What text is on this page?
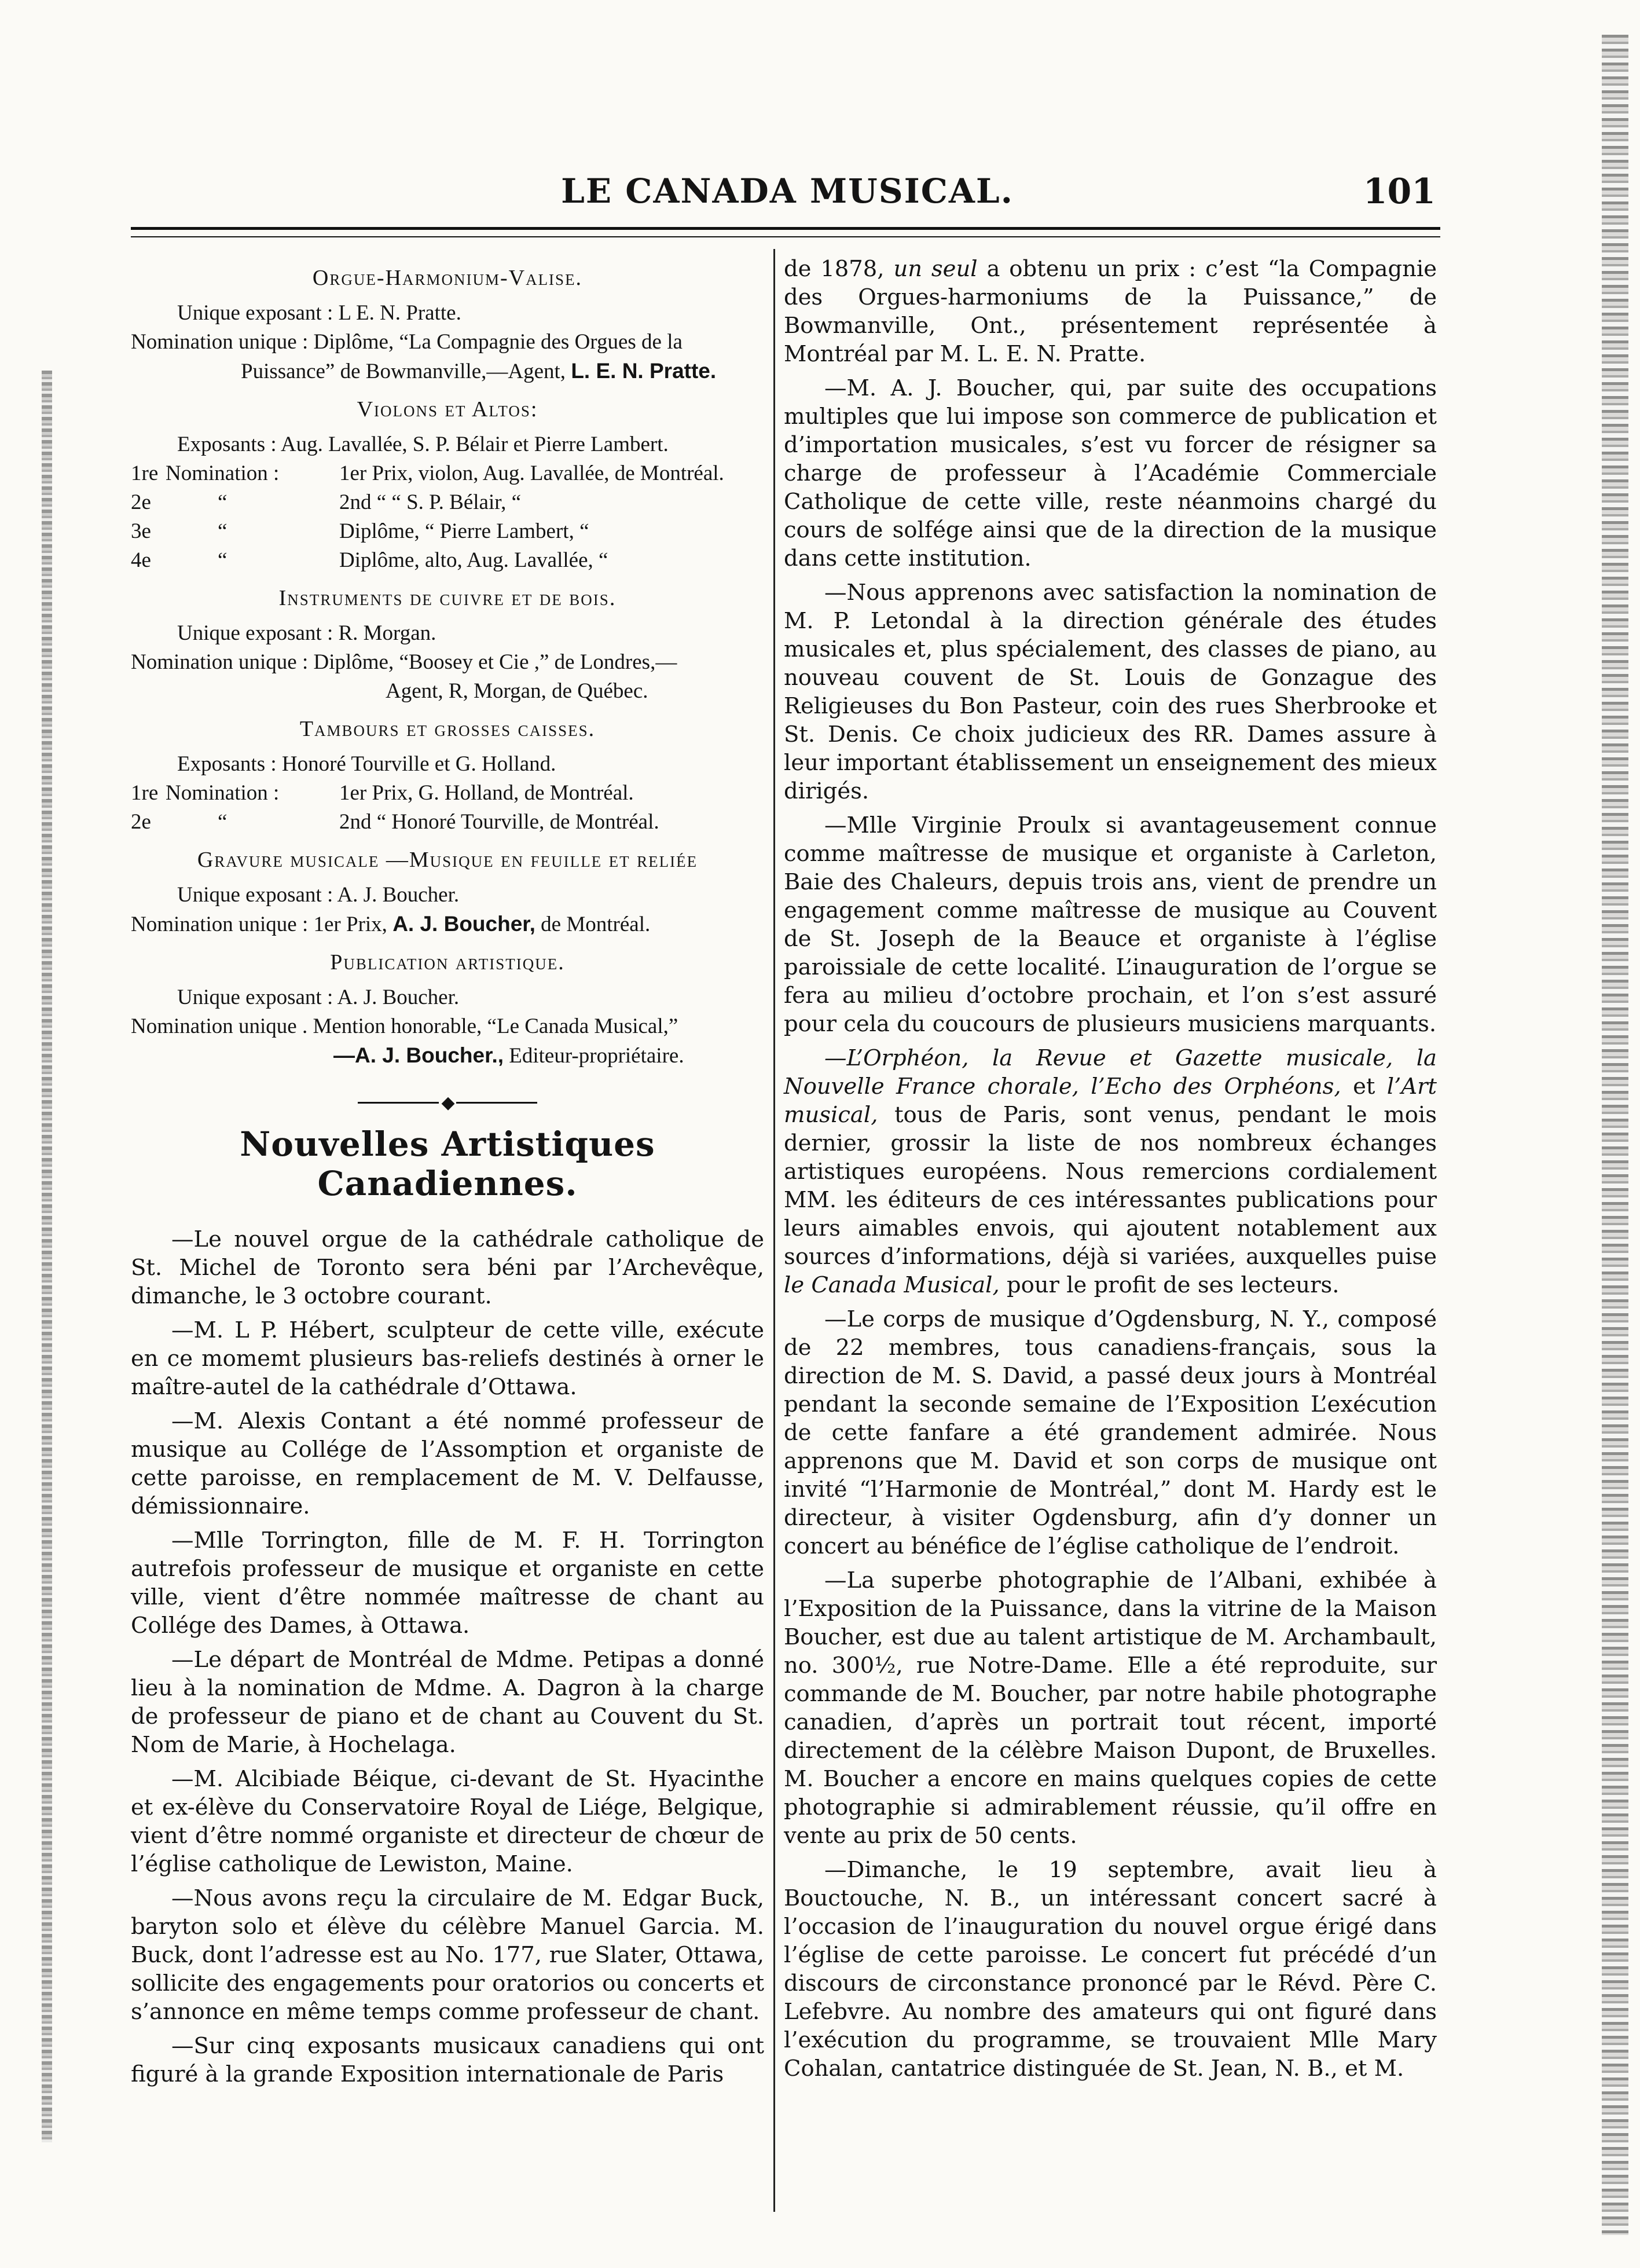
LE CANADA MUSICAL.	101
Orgue-Harmonium-Valise.
Unique exposant : L E. N. Pratte.
Nomination unique : Diplôme, “La Compagnie des Orgues de la
Puissance” de Bowmanville,—Agent, L. E. N. Pratte.
Violons et Altos:
Exposants : Aug. Lavallée, S. P. Bélair et Pierre Lambert.
1re Nomination :	1er Prix, violon, Aug. Lavallée, de Montréal.
2e	“	2nd “ “ S. P. Bélair, “
3e	“	Diplôme, “ Pierre Lambert, “
4e	“	Diplôme, alto, Aug. Lavallée, “
Instruments de cuivre et de bois.
Unique exposant : R. Morgan.
Nomination unique : Diplôme, “Boosey et Cie ,” de Londres,—
Agent, R, Morgan, de Québec.
Tambours et grosses caisses.
Exposants : Honoré Tourville et G. Holland.
1re Nomination :	1er Prix, G. Holland, de Montréal.
2e	“	2nd “ Honoré Tourville, de Montréal.
Gravure musicale —Musique en feuille et reliée
Unique exposant : A. J. Boucher.
Nomination unique : 1er Prix, A. J. Boucher, de Montréal.
Publication artistique.
Unique exposant : A. J. Boucher.
Nomination unique . Mention honorable, “Le Canada Musical,”
—A. J. Boucher., Editeur-propriétaire.
◆
Nouvelles Artistiques Canadiennes.

—Le nouvel orgue de la cathédrale catholique de St. Michel de Toronto sera béni par l’Archevêque, dimanche, le 3 octobre courant.

—M. L P. Hébert, sculpteur de cette ville, exécute en ce momemt plusieurs bas-reliefs destinés à orner le maître-autel de la cathédrale d’Ottawa.

—M. Alexis Contant a été nommé professeur de musique au Collége de l’Assomption et organiste de cette paroisse, en remplacement de M. V. Delfausse, démissionnaire.

—Mlle Torrington, fille de M. F. H. Torrington autrefois professeur de musique et organiste en cette ville, vient d’être nommée maîtresse de chant au Collége des Dames, à Ottawa.

—Le départ de Montréal de Mdme. Petipas a donné lieu à la nomination de Mdme. A. Dagron à la charge de professeur de piano et de chant au Couvent du St. Nom de Marie, à Hochelaga.

—M. Alcibiade Béique, ci-devant de St. Hyacinthe et ex-élève du Conservatoire Royal de Liége, Belgique, vient d’être nommé organiste et directeur de chœur de l’église catholique de Lewiston, Maine.

—Nous avons reçu la circulaire de M. Edgar Buck, baryton solo et élève du célèbre Manuel Garcia. M. Buck, dont l’adresse est au No. 177, rue Slater, Ottawa, sollicite des engagements pour oratorios ou concerts et s’annonce en même temps comme professeur de chant.

—Sur cinq exposants musicaux canadiens qui ont figuré à la grande Exposition internationale de Paris

de 1878, un seul a obtenu un prix : c’est “la Compagnie des Orgues-harmoniums de la Puissance,” de Bowmanville, Ont., présentement représentée à Montréal par M. L. E. N. Pratte.

—M. A. J. Boucher, qui, par suite des occupations multiples que lui impose son commerce de publication et d’importation musicales, s’est vu forcer de résigner sa charge de professeur à l’Académie Commerciale Catholique de cette ville, reste néanmoins chargé du cours de solfége ainsi que de la direction de la musique dans cette institution.

—Nous apprenons avec satisfaction la nomination de M. P. Letondal à la direction générale des études musicales et, plus spécialement, des classes de piano, au nouveau couvent de St. Louis de Gonzague des Religieuses du Bon Pasteur, coin des rues Sherbrooke et St. Denis. Ce choix judicieux des RR. Dames assure à leur important établissement un enseignement des mieux dirigés.

—Mlle Virginie Proulx si avantageusement connue comme maîtresse de musique et organiste à Carleton, Baie des Chaleurs, depuis trois ans, vient de prendre un engagement comme maîtresse de musique au Couvent de St. Joseph de la Beauce et organiste à l’église paroissiale de cette localité. L’inauguration de l’orgue se fera au milieu d’octobre prochain, et l’on s’est assuré pour cela du coucours de plusieurs musiciens marquants.

—L’Orphéon, la Revue et Gazette musicale, la Nouvelle France chorale, l’Echo des Orphéons, et l’Art musical, tous de Paris, sont venus, pendant le mois dernier, grossir la liste de nos nombreux échanges artistiques européens. Nous remercions cordialement MM. les éditeurs de ces intéressantes publications pour leurs aimables envois, qui ajoutent notablement aux sources d’informations, déjà si variées, auxquelles puise le Canada Musical, pour le profit de ses lecteurs.

—Le corps de musique d’Ogdensburg, N. Y., composé de 22 membres, tous canadiens-français, sous la direction de M. S. David, a passé deux jours à Montréal pendant la seconde semaine de l’Exposition L’exécution de cette fanfare a été grandement admirée. Nous apprenons que M. David et son corps de musique ont invité “l’Harmonie de Montréal,” dont M. Hardy est le directeur, à visiter Ogdensburg, afin d’y donner un concert au bénéfice de l’église catholique de l’endroit.

—La superbe photographie de l’Albani, exhibée à l’Exposition de la Puissance, dans la vitrine de la Maison Boucher, est due au talent artistique de M. Archambault, no. 300½, rue Notre-Dame. Elle a été reproduite, sur commande de M. Boucher, par notre habile photographe canadien, d’après un portrait tout récent, importé directement de la célèbre Maison Dupont, de Bruxelles. M. Boucher a encore en mains quelques copies de cette photographie si admirablement réussie, qu’il offre en vente au prix de 50 cents.

—Dimanche, le 19 septembre, avait lieu à Bouctouche, N. B., un intéressant concert sacré à l’occasion de l’inauguration du nouvel orgue érigé dans l’église de cette paroisse. Le concert fut précédé d’un discours de circonstance prononcé par le Révd. Père C. Lefebvre. Au nombre des amateurs qui ont figuré dans l’exécution du programme, se trouvaient Mlle Mary Cohalan, cantatrice distinguée de St. Jean, N. B., et M.
